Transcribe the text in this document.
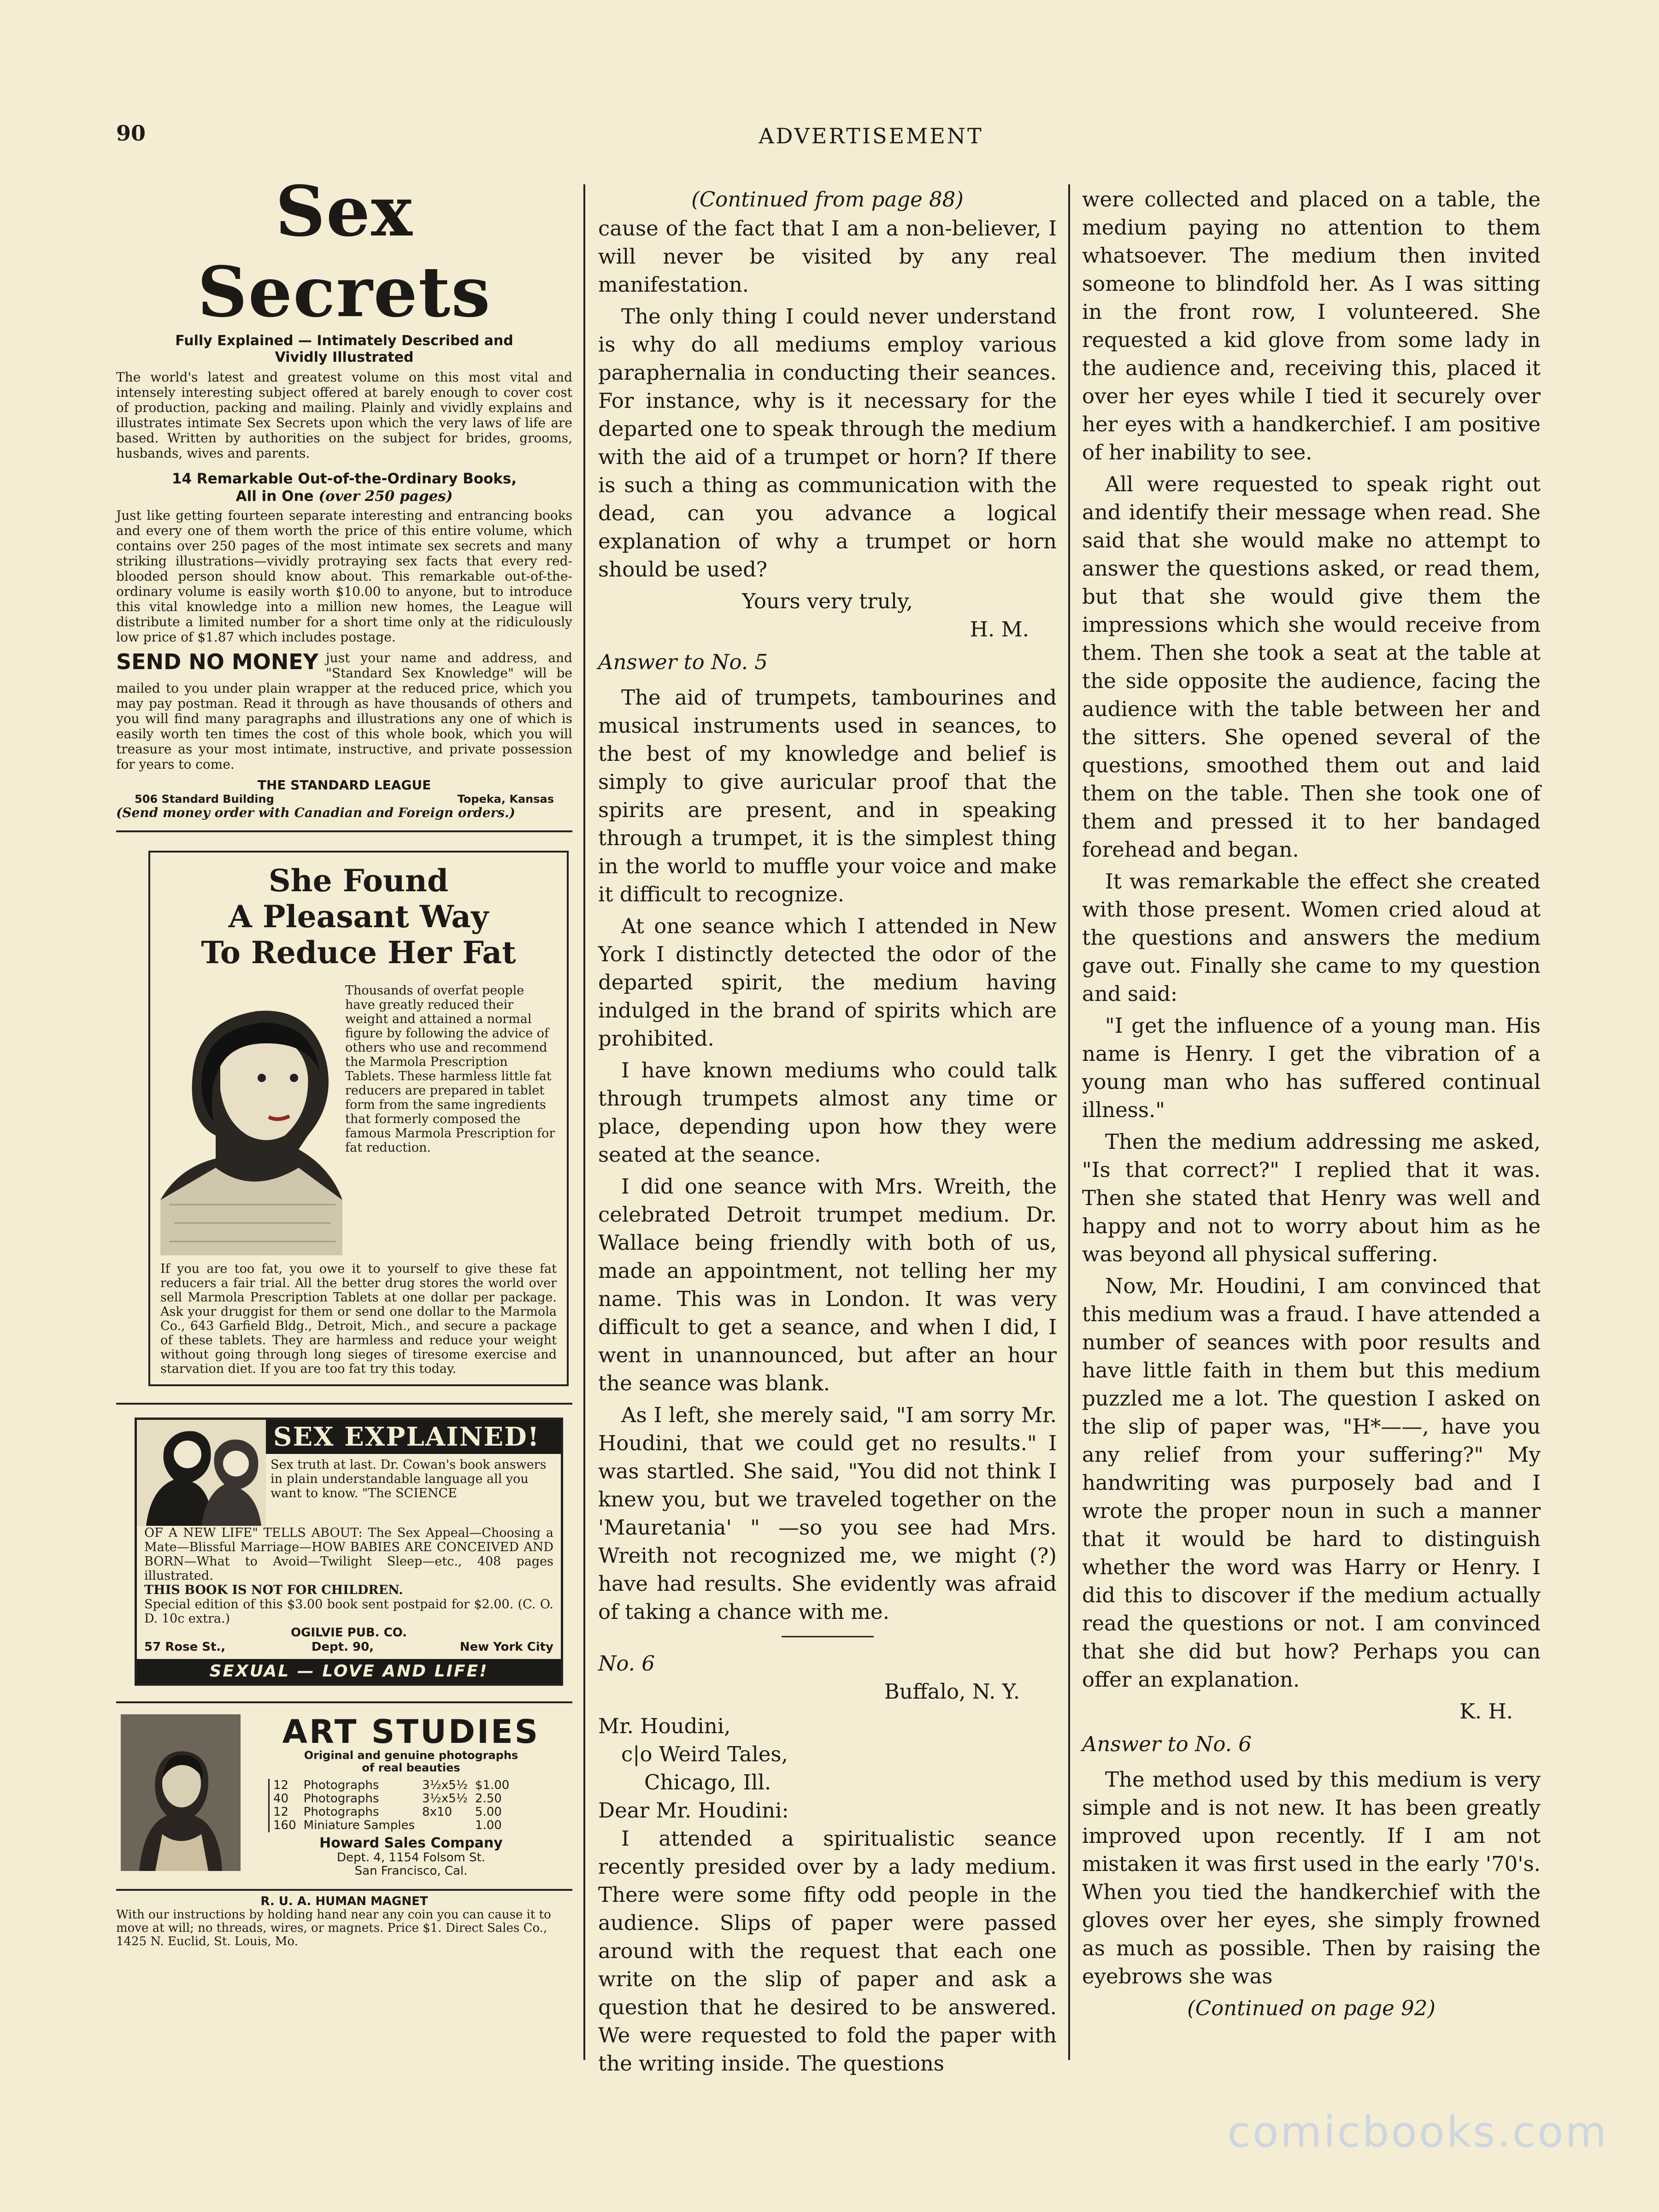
90	ADVERTISEMENT
Sex Secrets
Fully Explained — Intimately Described and
Vividly Illustrated
The world's latest and greatest volume on this most vital and intensely interesting subject offered at barely enough to cover cost of production, packing and mailing. Plainly and vividly explains and illustrates intimate Sex Secrets upon which the very laws of life are based. Written by authorities on the subject for brides, grooms, husbands, wives and parents.
14 Remarkable Out-of-the-Ordinary Books,
All in One (over 250 pages)
Just like getting fourteen separate interesting and entrancing books and every one of them worth the price of this entire volume, which contains over 250 pages of the most intimate sex secrets and many striking illustrations—vividly protraying sex facts that every red-blooded person should know about. This remarkable out-of-the-ordinary volume is easily worth $10.00 to anyone, but to introduce this vital knowledge into a million new homes, the League will distribute a limited number for a short time only at the ridiculously low price of $1.87 which includes postage.
SEND NO MONEY just your name and address, and "Standard Sex Knowledge" will be mailed to you under plain wrapper at the reduced price, which you may pay postman. Read it through as have thousands of others and you will find many paragraphs and illustrations any one of which is easily worth ten times the cost of this whole book, which you will treasure as your most intimate, instructive, and private possession for years to come.
THE STANDARD LEAGUE
506 Standard Building	Topeka, Kansas
(Send money order with Canadian and Foreign orders.)
She Found
A Pleasant Way
To Reduce Her Fat
Thousands of overfat people have greatly reduced their weight and attained a normal figure by following the advice of others who use and recommend the Marmola Prescription Tablets. These harmless little fat reducers are prepared in tablet form from the same ingredients that formerly composed the famous Marmola Prescription for fat reduction.
If you are too fat, you owe it to yourself to give these fat reducers a fair trial. All the better drug stores the world over sell Marmola Prescription Tablets at one dollar per package. Ask your druggist for them or send one dollar to the Marmola Co., 643 Garfield Bldg., Detroit, Mich., and secure a package of these tablets. They are harmless and reduce your weight without going through long sieges of tiresome exercise and starvation diet. If you are too fat try this today.
SEX EXPLAINED!
Sex truth at last. Dr. Cowan's book answers in plain understandable language all you want to know. "The SCIENCE
OF A NEW LIFE" TELLS ABOUT: The Sex Appeal—Choosing a Mate—Blissful Marriage—HOW BABIES ARE CONCEIVED AND BORN—What to Avoid—Twilight Sleep—etc., 408 pages illustrated.
THIS BOOK IS NOT FOR CHILDREN.
Special edition of this $3.00 book sent postpaid for $2.00. (C. O. D. 10c extra.)
OGILVIE PUB. CO.
57 Rose St.,	Dept. 90,	New York City
SEXUAL — LOVE AND LIFE!
ART STUDIES
Original and genuine photographs
of real beauties
12	Photographs	3½x5½	$1.00
40	Photographs	3½x5½	2.50
12	Photographs	8x10	5.00
160	Miniature Samples		1.00
Howard Sales Company
Dept. 4, 1154 Folsom St.
San Francisco, Cal.
R. U. A. HUMAN MAGNET
With our instructions by holding hand near any coin you can cause it to move at will; no threads, wires, or magnets. Price $1. Direct Sales Co., 1425 N. Euclid, St. Louis, Mo.
(Continued from page 88)

cause of the fact that I am a non-believer, I will never be visited by any real manifestation.

The only thing I could never understand is why do all mediums employ various paraphernalia in conducting their seances. For instance, why is it necessary for the departed one to speak through the medium with the aid of a trumpet or horn? If there is such a thing as communication with the dead, can you advance a logical explanation of why a trumpet or horn should be used?

Yours very truly,

H. M.

Answer to No. 5

The aid of trumpets, tambourines and musical instruments used in seances, to the best of my knowledge and belief is simply to give auricular proof that the spirits are present, and in speaking through a trumpet, it is the simplest thing in the world to muffle your voice and make it difficult to recognize.

At one seance which I attended in New York I distinctly detected the odor of the departed spirit, the medium having indulged in the brand of spirits which are prohibited.

I have known mediums who could talk through trumpets almost any time or place, depending upon how they were seated at the seance.

I did one seance with Mrs. Wreith, the celebrated Detroit trumpet medium. Dr. Wallace being friendly with both of us, made an appointment, not telling her my name. This was in London. It was very difficult to get a seance, and when I did, I went in unannounced, but after an hour the seance was blank.

As I left, she merely said, "I am sorry Mr. Houdini, that we could get no results." I was startled. She said, "You did not think I knew you, but we traveled together on the 'Mauretania' " —so you see had Mrs. Wreith not recognized me, we might (?) have had results. She evidently was afraid of taking a chance with me.

No. 6

Buffalo, N. Y.

Mr. Houdini,

c|o Weird Tales,

Chicago, Ill.

Dear Mr. Houdini:

I attended a spiritualistic seance recently presided over by a lady medium. There were some fifty odd people in the audience. Slips of paper were passed around with the request that each one write on the slip of paper and ask a question that he desired to be answered. We were requested to fold the paper with the writing inside. The questions

were collected and placed on a table, the medium paying no attention to them whatsoever. The medium then invited someone to blindfold her. As I was sitting in the front row, I volunteered. She requested a kid glove from some lady in the audience and, receiving this, placed it over her eyes while I tied it securely over her eyes with a handkerchief. I am positive of her inability to see.

All were requested to speak right out and identify their message when read. She said that she would make no attempt to answer the questions asked, or read them, but that she would give them the impressions which she would receive from them. Then she took a seat at the table at the side opposite the audience, facing the audience with the table between her and the sitters. She opened several of the questions, smoothed them out and laid them on the table. Then she took one of them and pressed it to her bandaged forehead and began.

It was remarkable the effect she created with those present. Women cried aloud at the questions and answers the medium gave out. Finally she came to my question and said:

"I get the influence of a young man. His name is Henry. I get the vibration of a young man who has suffered continual illness."

Then the medium addressing me asked, "Is that correct?" I replied that it was. Then she stated that Henry was well and happy and not to worry about him as he was beyond all physical suffering.

Now, Mr. Houdini, I am convinced that this medium was a fraud. I have attended a number of seances with poor results and have little faith in them but this medium puzzled me a lot. The question I asked on the slip of paper was, "H*——, have you any relief from your suffering?" My handwriting was purposely bad and I wrote the proper noun in such a manner that it would be hard to distinguish whether the word was Harry or Henry. I did this to discover if the medium actually read the questions or not. I am convinced that she did but how? Perhaps you can offer an explanation.

K. H.

Answer to No. 6

The method used by this medium is very simple and is not new. It has been greatly improved upon recently. If I am not mistaken it was first used in the early '70's. When you tied the handkerchief with the gloves over her eyes, she simply frowned as much as possible. Then by raising the eyebrows she was

(Continued on page 92)
comicbooks.com
